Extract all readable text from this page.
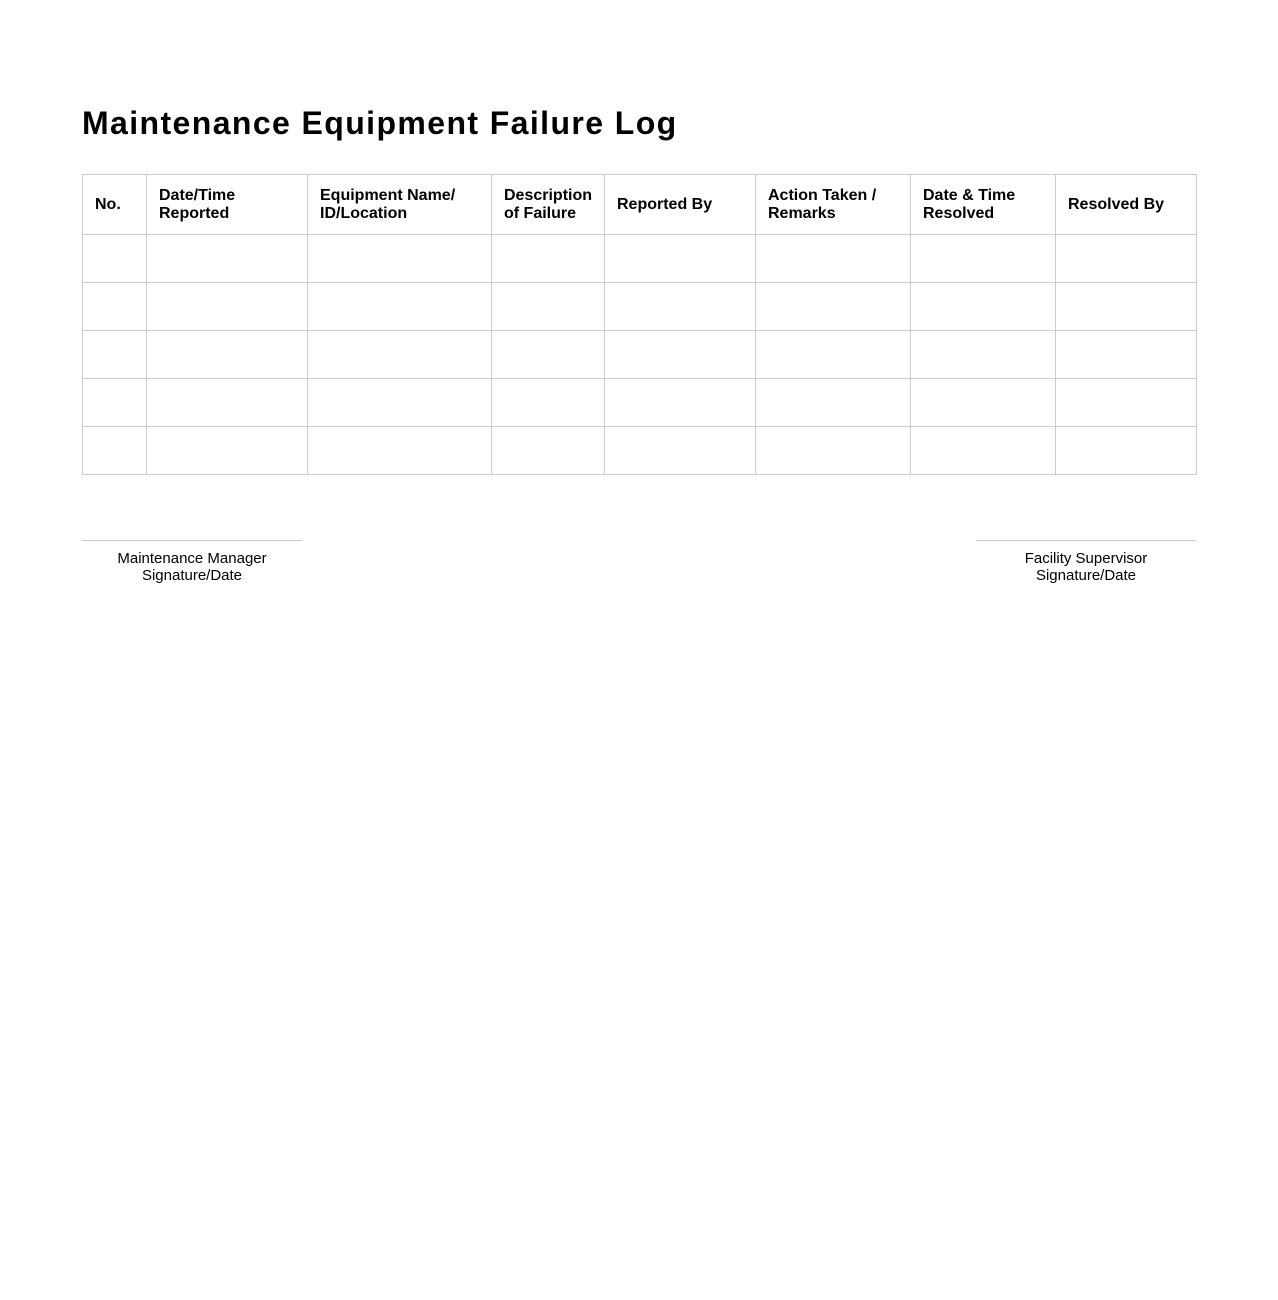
Maintenance Equipment Failure Log
No.	Date/Time Reported	Equipment Name/ ID/Location	Description of Failure	Reported By	Action Taken / Remarks	Date & Time Resolved	Resolved By

Maintenance Manager
Signature/Date
Facility Supervisor
Signature/Date
